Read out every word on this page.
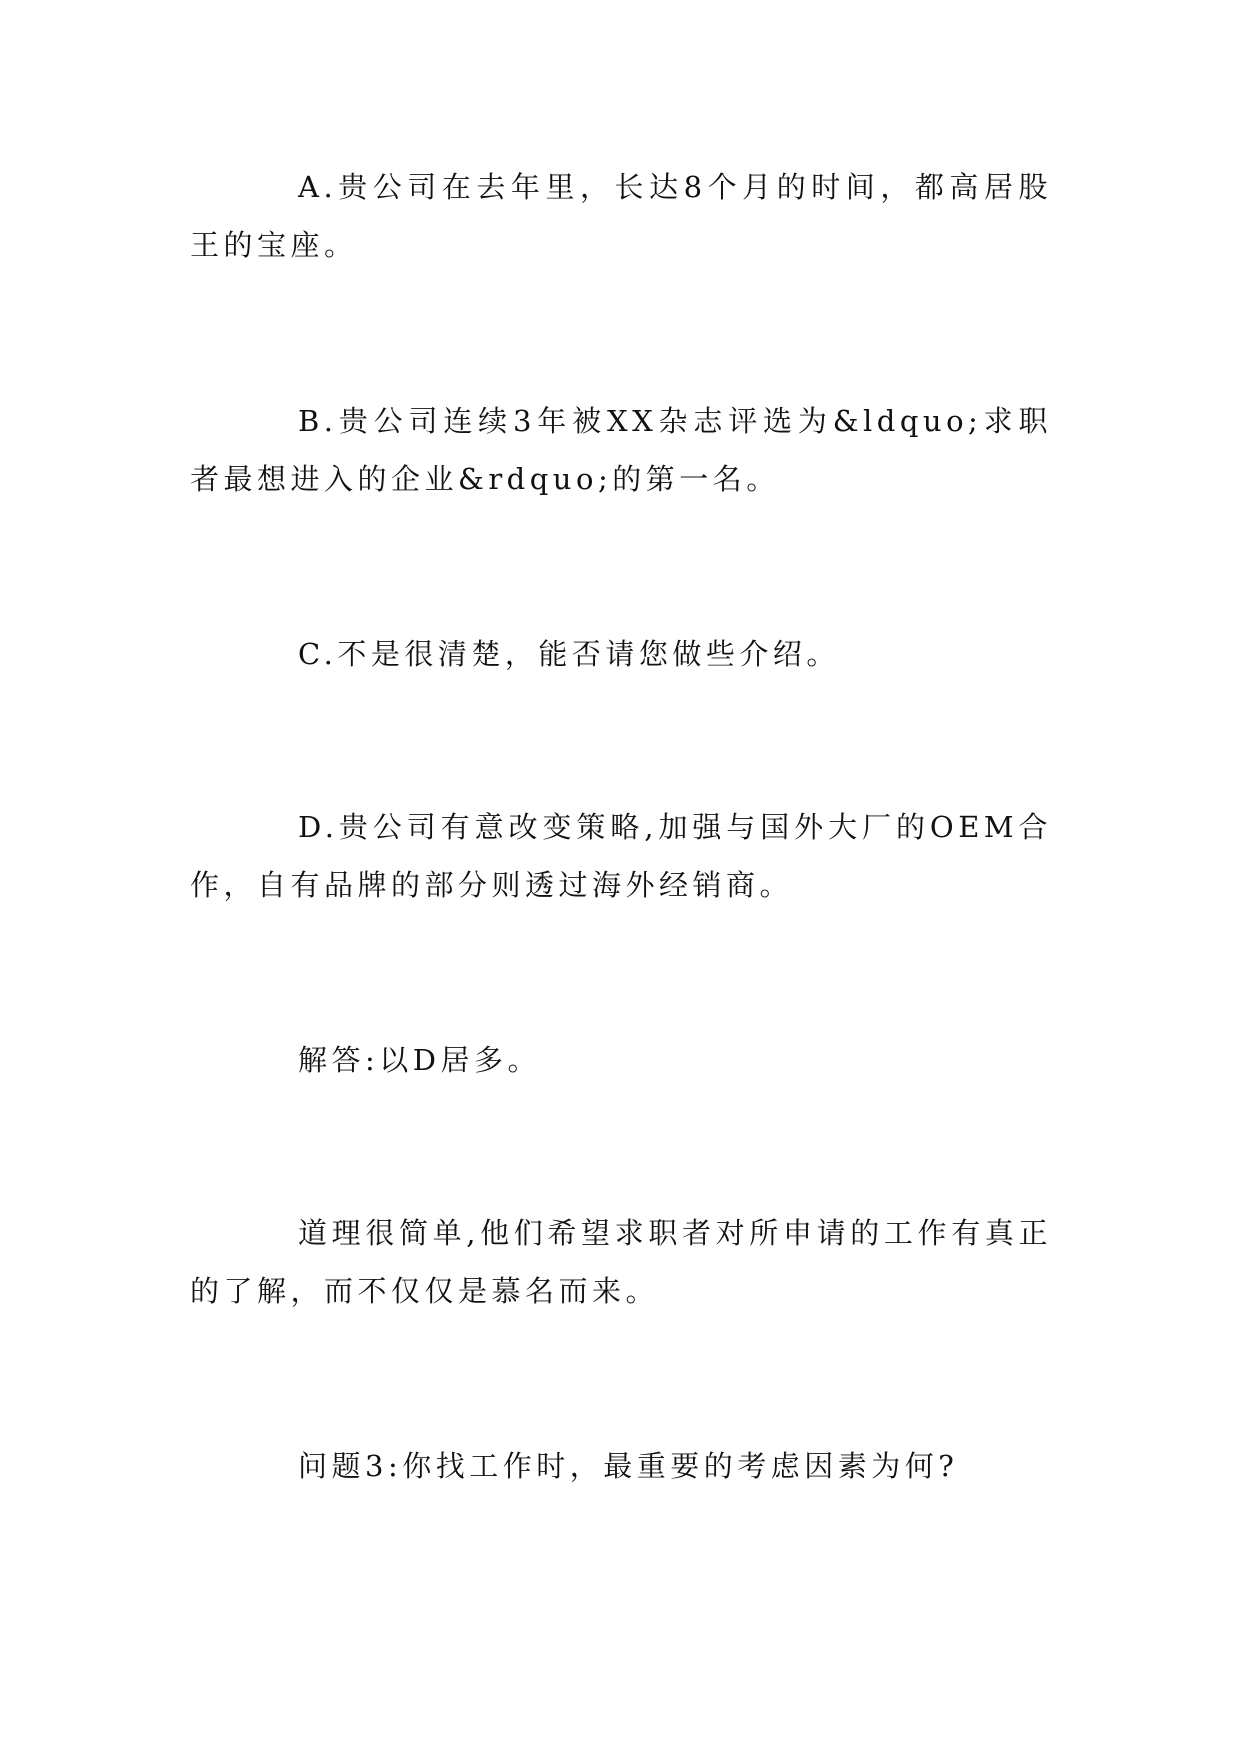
A.贵公司在去年里，长达8个月的时间，都高居股王的宝座。

B.贵公司连续3年被XX杂志评选为&ldquo;求职者最想进入的企业&rdquo;的第一名。

C.不是很清楚，能否请您做些介绍。

D.贵公司有意改变策略,加强与国外大厂的OEM合作，自有品牌的部分则透过海外经销商。

解答:以D居多。

道理很简单,他们希望求职者对所申请的工作有真正的了解，而不仅仅是慕名而来。

问题3:你找工作时，最重要的考虑因素为何?
